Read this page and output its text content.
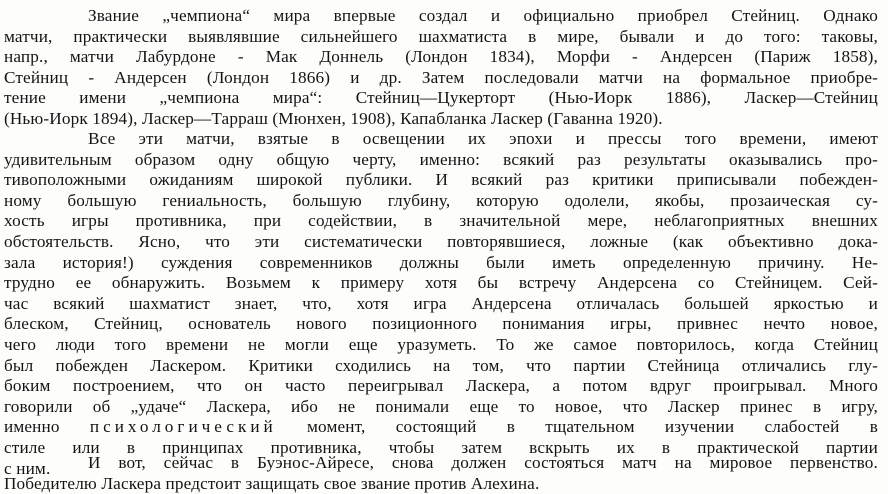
Звание „чемпиона“ мира впервые создал и официально приобрел Стейниц. Однако
матчи, практически выявлявшие сильнейшего шахматиста в мире, бывали и до того: таковы,
напр., матчи Лабурдоне - Мак Доннель (Лондон 1834), Морфи - Андерсен (Париж 1858),
Стейниц - Андерсен (Лондон 1866) и др. Затем последовали матчи на формальное приобре-
тение имени „чемпиона мира“: Стейниц—Цукерторт (Нью-Иорк 1886), Ласкер—Стейниц
(Нью-Иорк 1894), Ласкер—Тарраш (Мюнхен, 1908), Капабланка Ласкер (Гаванна 1920).
Все эти матчи, взятые в освещении их эпохи и прессы того времени, имеют
удивительным образом одну общую черту, именно: всякий раз результаты оказывались про-
тивоположными ожиданиям широкой публики. И всякий раз критики приписывали побежден-
ному большую гениальность, большую глубину, которую одолели, якобы, прозаическая су-
хость игры противника, при содействии, в значительной мере, неблагоприятных внешних
обстоятельств. Ясно, что эти систематически повторявшиеся, ложные (как объективно дока-
зала история!) суждения современников должны были иметь определенную причину. Не-
трудно ее обнаружить. Возьмем к примеру хотя бы встречу Андерсена со Стейницем. Сей-
час всякий шахматист знает, что, хотя игра Андерсена отличалась большей яркостью и
блеском, Стейниц, основатель нового позиционного понимания игры, привнес нечто новое,
чего люди того времени не могли еще уразуметь. То же самое повторилось, когда Стейниц
был побежден Ласкером. Критики сходились на том, что партии Стейница отличались глу-
боким построением, что он часто переигрывал Ласкера, а потом вдруг проигрывал. Много
говорили об „удаче“ Ласкера, ибо не понимали еще то новое, что Ласкер принес в игру,
именно психологический момент, состоящий в тщательном изучении слабостей в
стиле или в принципах противника, чтобы затем вскрыть их в практической партии
с ним.	И вот, сейчас в Буэнос-Айресе, снова должен состояться матч на мировое первенство.
Победителю Ласкера предстоит защищать свое звание против Алехина.
